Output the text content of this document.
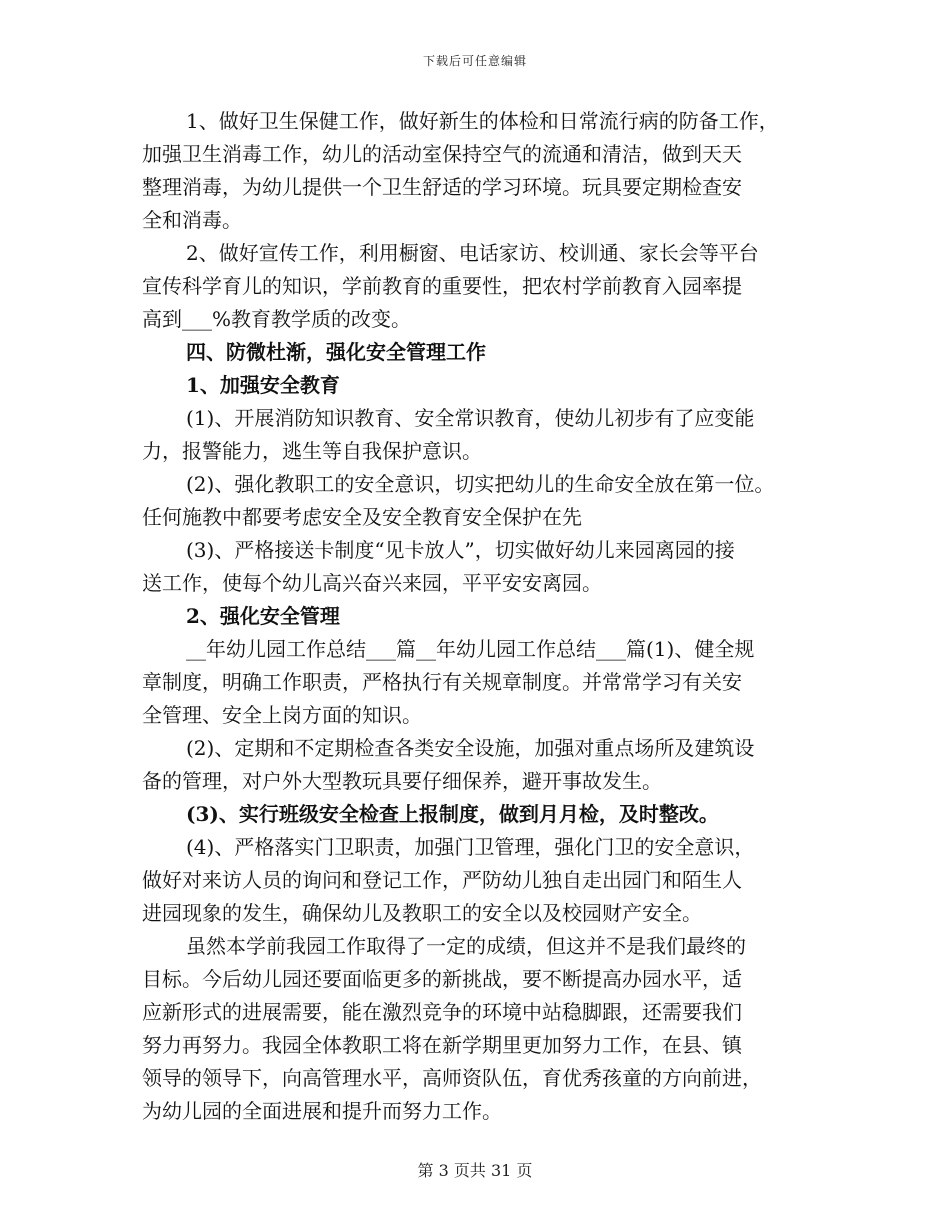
下载后可任意编辑
1、做好卫生保健工作，做好新生的体检和日常流行病的防备工作，
加强卫生消毒工作，幼儿的活动室保持空气的流通和清洁，做到天天
整理消毒，为幼儿提供一个卫生舒适的学习环境。玩具要定期检查安
全和消毒。
2、做好宣传工作，利用橱窗、电话家访、校训通、家长会等平台
宣传科学育儿的知识，学前教育的重要性，把农村学前教育入园率提
高到___%教育教学质的改变。
四、防微杜渐，强化安全管理工作
1、加强安全教育
(1)、开展消防知识教育、安全常识教育，使幼儿初步有了应变能
力，报警能力，逃生等自我保护意识。
(2)、强化教职工的安全意识，切实把幼儿的生命安全放在第一位。
任何施教中都要考虑安全及安全教育安全保护在先
(3)、严格接送卡制度“见卡放人”，切实做好幼儿来园离园的接
送工作，使每个幼儿高兴奋兴来园，平平安安离园。
2、强化安全管理
__年幼儿园工作总结___篇__年幼儿园工作总结___篇(1)、健全规
章制度，明确工作职责，严格执行有关规章制度。并常常学习有关安
全管理、安全上岗方面的知识。
(2)、定期和不定期检查各类安全设施，加强对重点场所及建筑设
备的管理，对户外大型教玩具要仔细保养，避开事故发生。
(3)、实行班级安全检查上报制度，做到月月检，及时整改。
(4)、严格落实门卫职责，加强门卫管理，强化门卫的安全意识，
做好对来访人员的询问和登记工作，严防幼儿独自走出园门和陌生人
进园现象的发生，确保幼儿及教职工的安全以及校园财产安全。
虽然本学前我园工作取得了一定的成绩，但这并不是我们最终的
目标。今后幼儿园还要面临更多的新挑战，要不断提高办园水平，适
应新形式的进展需要，能在激烈竞争的环境中站稳脚跟，还需要我们
努力再努力。我园全体教职工将在新学期里更加努力工作，在县、镇
领导的领导下，向高管理水平，高师资队伍，育优秀孩童的方向前进，
为幼儿园的全面进展和提升而努力工作。
第 3 页共 31 页
